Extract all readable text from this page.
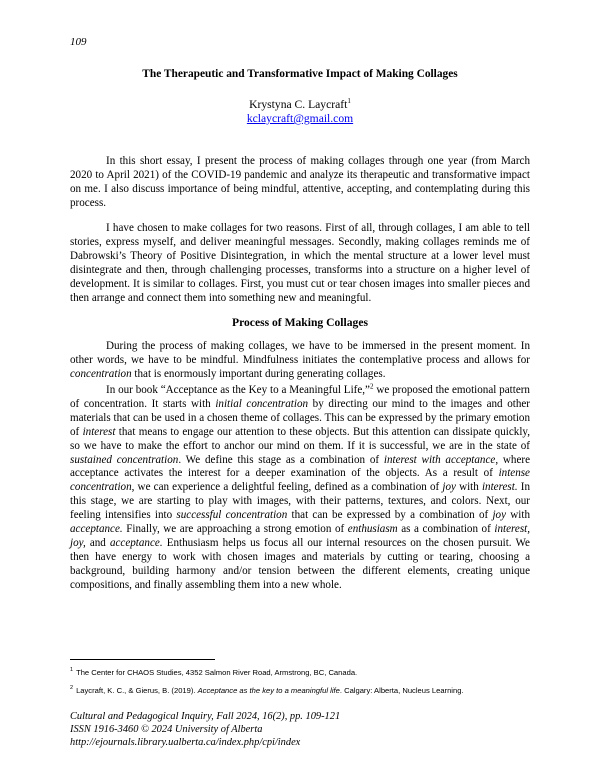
109
The Therapeutic and Transformative Impact of Making Collages
Krystyna C. Laycraft$^1$
kclaycraft@gmail.com

In this short essay, I present the process of making collages through one year (from March 2020 to April 2021) of the COVID-19 pandemic and analyze its therapeutic and transformative impact on me. I also discuss importance of being mindful, attentive, accepting, and contemplating during this process.

I have chosen to make collages for two reasons. First of all, through collages, I am able to tell stories, express myself, and deliver meaningful messages. Secondly, making collages reminds me of Dabrowski’s Theory of Positive Disintegration, in which the mental structure at a lower level must disintegrate and then, through challenging processes, transforms into a structure on a higher level of development. It is similar to collages. First, you must cut or tear chosen images into smaller pieces and then arrange and connect them into something new and meaningful.

Process of Making Collages

During the process of making collages, we have to be immersed in the present moment. In other words, we have to be mindful. Mindfulness initiates the contemplative process and allows for concentration that is enormously important during generating collages.

In our book “Acceptance as the Key to a Meaningful Life,”$^2$ we proposed the emotional pattern of concentration. It starts with initial concentration by directing our mind to the images and other materials that can be used in a chosen theme of collages. This can be expressed by the primary emotion of interest that means to engage our attention to these objects. But this attention can dissipate quickly, so we have to make the effort to anchor our mind on them. If it is successful, we are in the state of sustained concentration. We define this stage as a combination of interest with acceptance, where acceptance activates the interest for a deeper examination of the objects. As a result of intense concentration, we can experience a delightful feeling, defined as a combination of joy with interest. In this stage, we are starting to play with images, with their patterns, textures, and colors. Next, our feeling intensifies into successful concentration that can be expressed by a combination of joy with acceptance. Finally, we are approaching a strong emotion of enthusiasm as a combination of interest, joy, and acceptance. Enthusiasm helps us focus all our internal resources on the chosen pursuit. We then have energy to work with chosen images and materials by cutting or tearing, choosing a background, building harmony and/or tension between the different elements, creating unique compositions, and finally assembling them into a new whole.

$^1$ The Center for CHAOS Studies, 4352 Salmon River Road, Armstrong, BC, Canada.
$^2$ Laycraft, K. C., & Gierus, B. (2019). Acceptance as the key to a meaningful life. Calgary: Alberta, Nucleus Learning.
Cultural and Pedagogical Inquiry, Fall 2024, 16(2), pp. 109-121
ISSN 1916-3460 © 2024 University of Alberta
http://ejournals.library.ualberta.ca/index.php/cpi/index
